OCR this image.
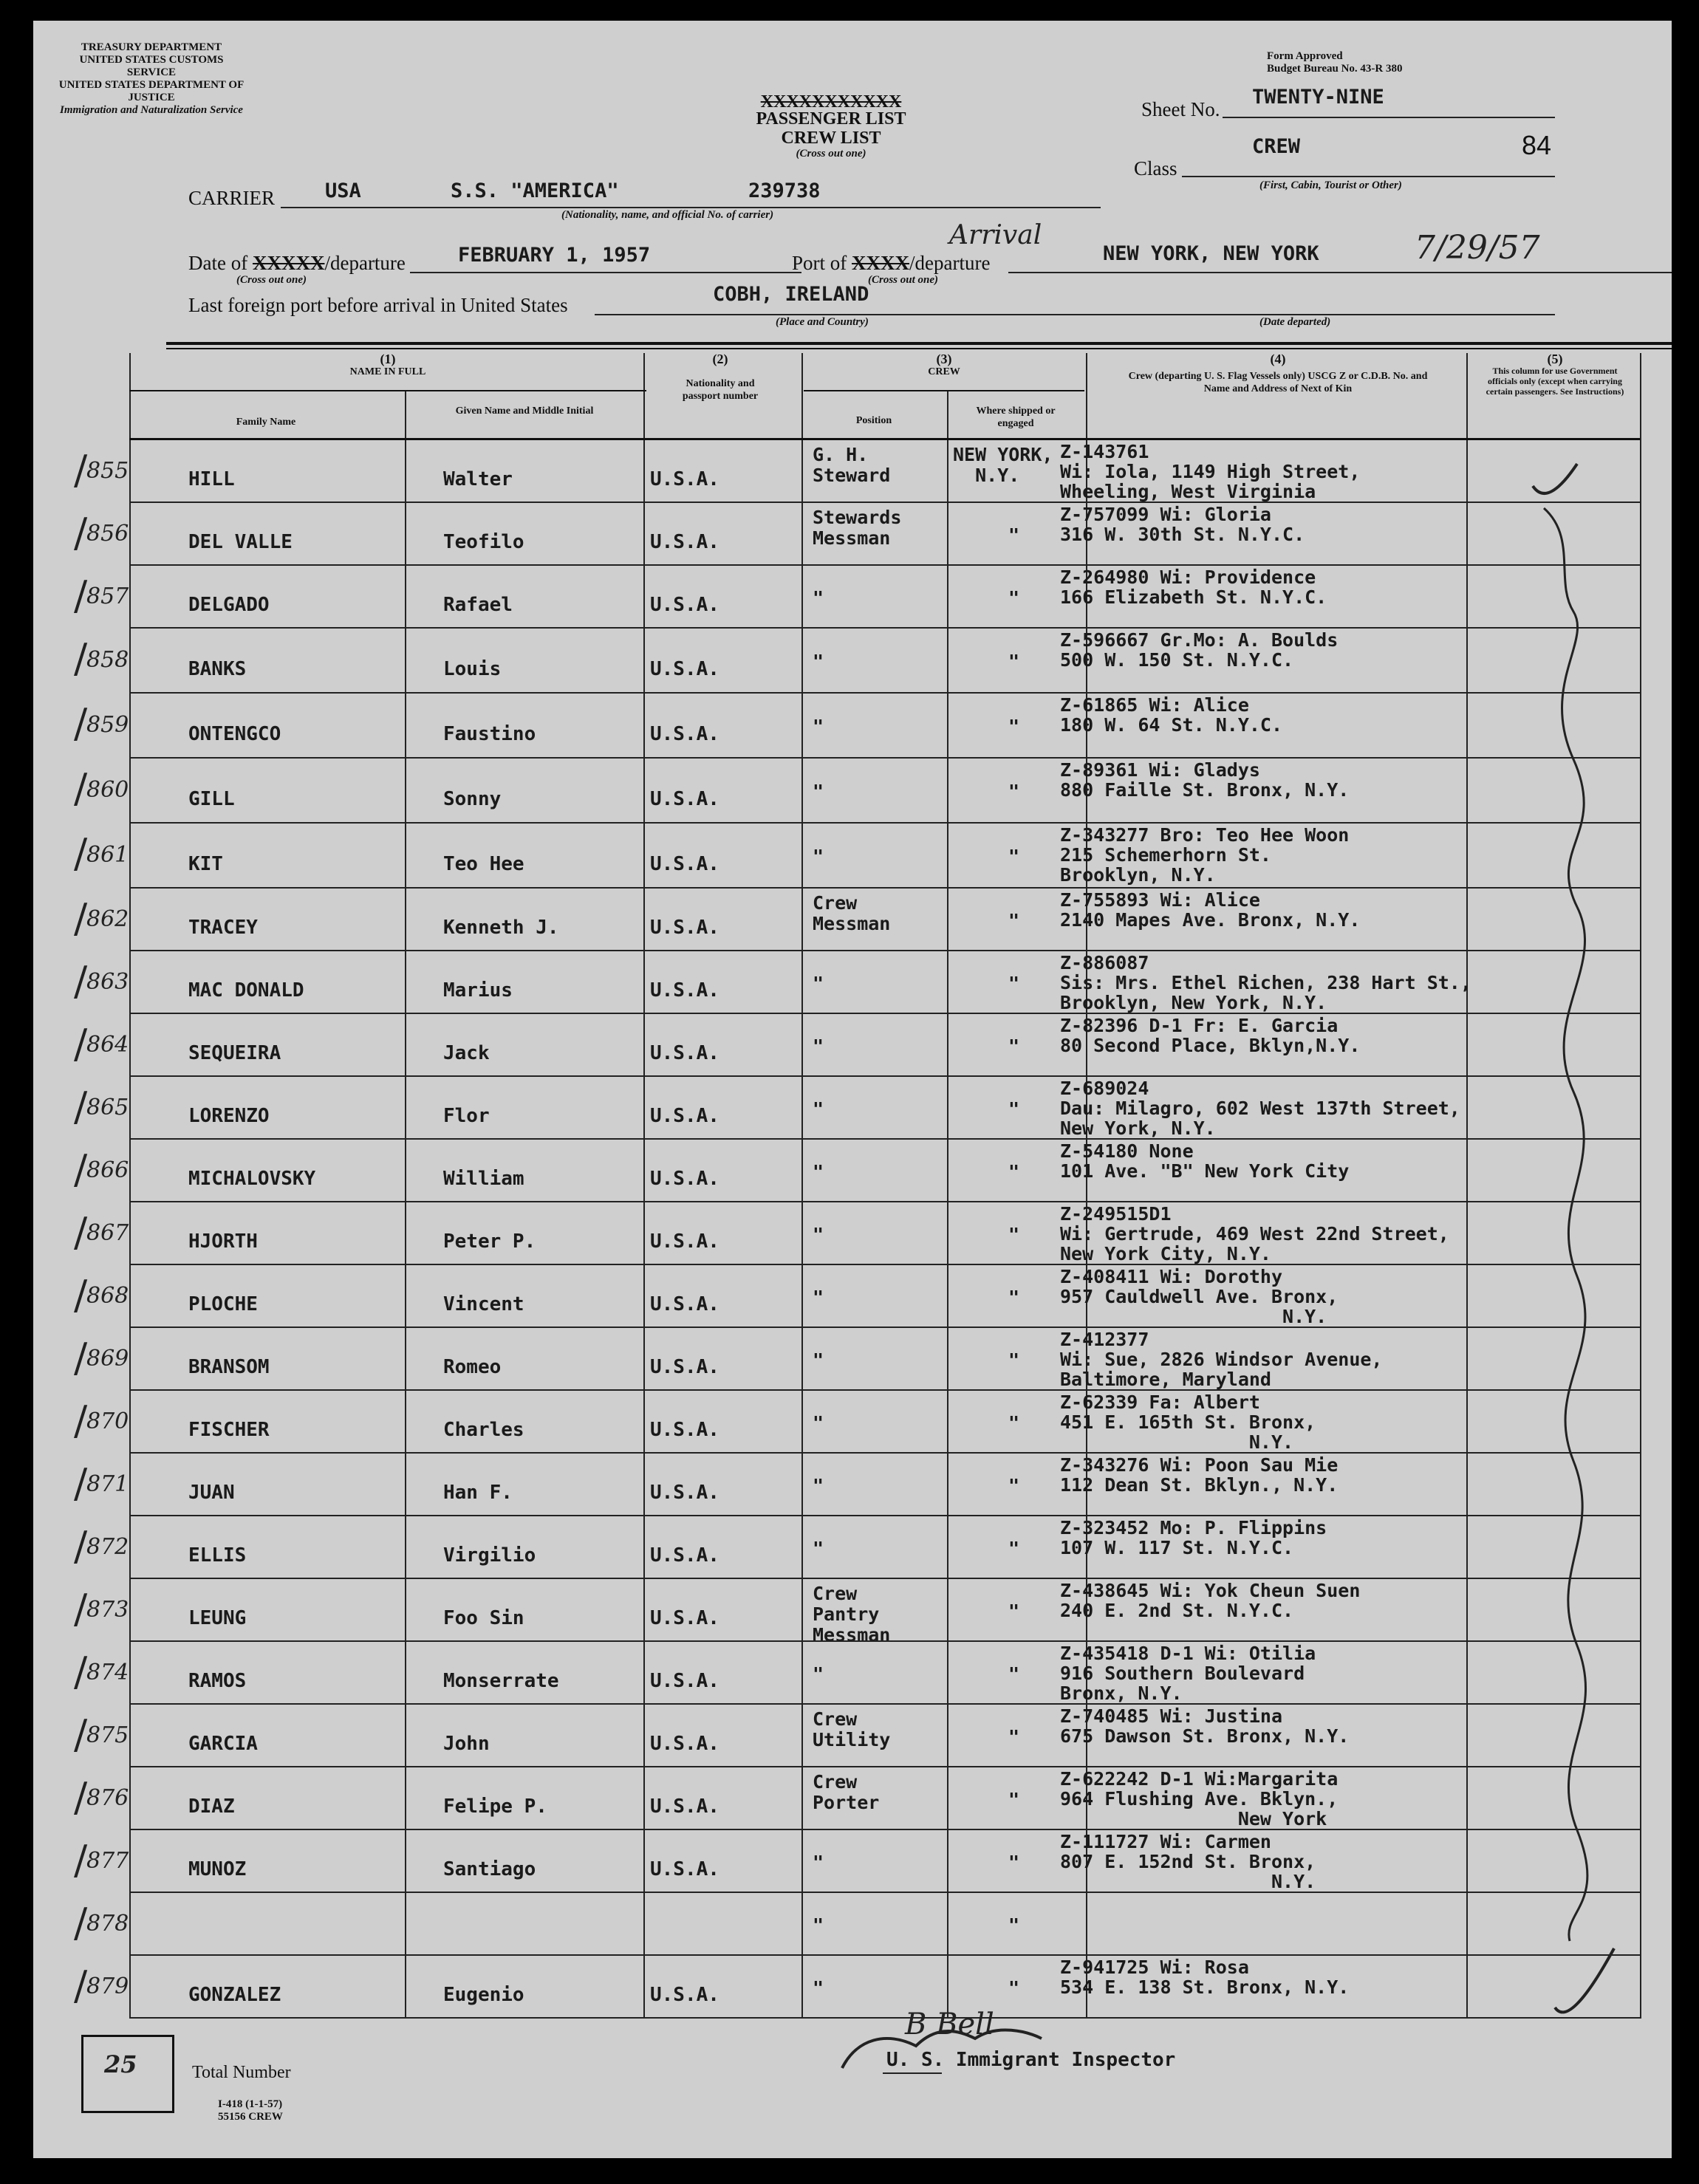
TREASURY DEPARTMENT
UNITED STATES CUSTOMS SERVICE
UNITED STATES DEPARTMENT OF JUSTICE
Immigration and Naturalization Service
Form Approved
Budget Bureau No. 43-R 380
XXXXXXXXXXX
PASSENGER LIST
CREW LIST
(Cross out one)
Sheet No.
TWENTY-NINE
Class
CREW
(First, Cabin, Tourist or Other)
84
CARRIER	USA	S.S. "AMERICA"	239738
(Nationality, name, and official No. of carrier)
Date of XXXXX/departure	FEBRUARY 1, 1957
(Cross out one)
Port of XXXX/departure
Arrival
(Cross out one)
NEW YORK, NEW YORK	7/29/57
Last foreign port before arrival in United States	COBH, IRELAND
(Place and Country)	(Date departed)
(1)
NAME IN FULL
Family Name
Given Name and Middle Initial
(2)
Nationality and passport number
(3)
CREW
Position
Where shipped or engaged
(4)
Crew (departing U. S. Flag Vessels only) USCG Z or C.D.B. No. and Name and Address of Next of Kin
(5)
This column for use Government officials only (except when carrying certain passengers. See Instructions)
855	HILL	Walter	U.S.A.
G. H.
Steward
NEW YORK,
N.Y.
Z-143761
Wi: Iola, 1149 High Street,
Wheeling, West Virginia
/
856	DEL VALLE	Teofilo	U.S.A.
Stewards
Messman	"
Z-757099 Wi: Gloria
316 W. 30th St. N.Y.C.
/
857	DELGADO	Rafael	U.S.A.	"	"
Z-264980 Wi: Providence
166 Elizabeth St. N.Y.C.
/
858	BANKS	Louis	U.S.A.	"	"
Z-596667 Gr.Mo: A. Boulds
500 W. 150 St. N.Y.C.
/
859	ONTENGCO	Faustino	U.S.A.	"	"
Z-61865 Wi: Alice
180 W. 64 St. N.Y.C.
/
860	GILL	Sonny	U.S.A.	"	"
Z-89361 Wi: Gladys
880 Faille St. Bronx, N.Y.
/
861	KIT	Teo Hee	U.S.A.	"	"
Z-343277 Bro: Teo Hee Woon
215 Schemerhorn St.
Brooklyn, N.Y.
/
862	TRACEY	Kenneth J.	U.S.A.
Crew
Messman	"
Z-755893 Wi: Alice
2140 Mapes Ave. Bronx, N.Y.
/
863	MAC DONALD	Marius	U.S.A.	"	"
Z-886087
Sis: Mrs. Ethel Richen, 238 Hart St.,
Brooklyn, New York, N.Y.
/
864	SEQUEIRA	Jack	U.S.A.	"	"
Z-82396 D-1 Fr: E. Garcia
80 Second Place, Bklyn,N.Y.
/
865	LORENZO	Flor	U.S.A.	"	"
Z-689024
Dau: Milagro, 602 West 137th Street,
New York, N.Y.
/
866	MICHALOVSKY	William	U.S.A.	"	"
Z-54180 None
101 Ave. "B" New York City
/
867	HJORTH	Peter P.	U.S.A.	"	"
Z-249515D1
Wi: Gertrude, 469 West 22nd Street,
New York City, N.Y.
/
868	PLOCHE	Vincent	U.S.A.	"	"
Z-408411 Wi: Dorothy
957 Cauldwell Ave. Bronx,
N.Y.
/
869	BRANSOM	Romeo	U.S.A.	"	"
Z-412377
Wi: Sue, 2826 Windsor Avenue,
Baltimore, Maryland
/
870	FISCHER	Charles	U.S.A.	"	"
Z-62339 Fa: Albert
451 E. 165th St. Bronx,
N.Y.
/
871	JUAN	Han F.	U.S.A.	"	"
Z-343276 Wi: Poon Sau Mie
112 Dean St. Bklyn., N.Y.
/
872	ELLIS	Virgilio	U.S.A.	"	"
Z-323452 Mo: P. Flippins
107 W. 117 St. N.Y.C.
/
873	LEUNG	Foo Sin	U.S.A.
Crew
Pantry
Messman
"
Z-438645 Wi: Yok Cheun Suen
240 E. 2nd St. N.Y.C.
/
874	RAMOS	Monserrate	U.S.A.	"	"
Z-435418 D-1 Wi: Otilia
916 Southern Boulevard
Bronx, N.Y.
/
875	GARCIA	John	U.S.A.
Crew
Utility	"
Z-740485 Wi: Justina
675 Dawson St. Bronx, N.Y.
/
876	DIAZ	Felipe P.	U.S.A.
Crew
Porter	"
Z-622242 D-1 Wi:Margarita
964 Flushing Ave. Bklyn.,
New York
/
877	MUNOZ	Santiago	U.S.A.	"	"
Z-111727 Wi: Carmen
807 E. 152nd St. Bronx,
N.Y.
/
878	"	"
/
879	GONZALEZ	Eugenio	U.S.A.	"	"
Z-941725 Wi: Rosa
534 E. 138 St. Bronx, N.Y.
/
25	Total Number
I-418 (1-1-57)
55156 CREW
B Bell
U. S. Immigrant Inspector
